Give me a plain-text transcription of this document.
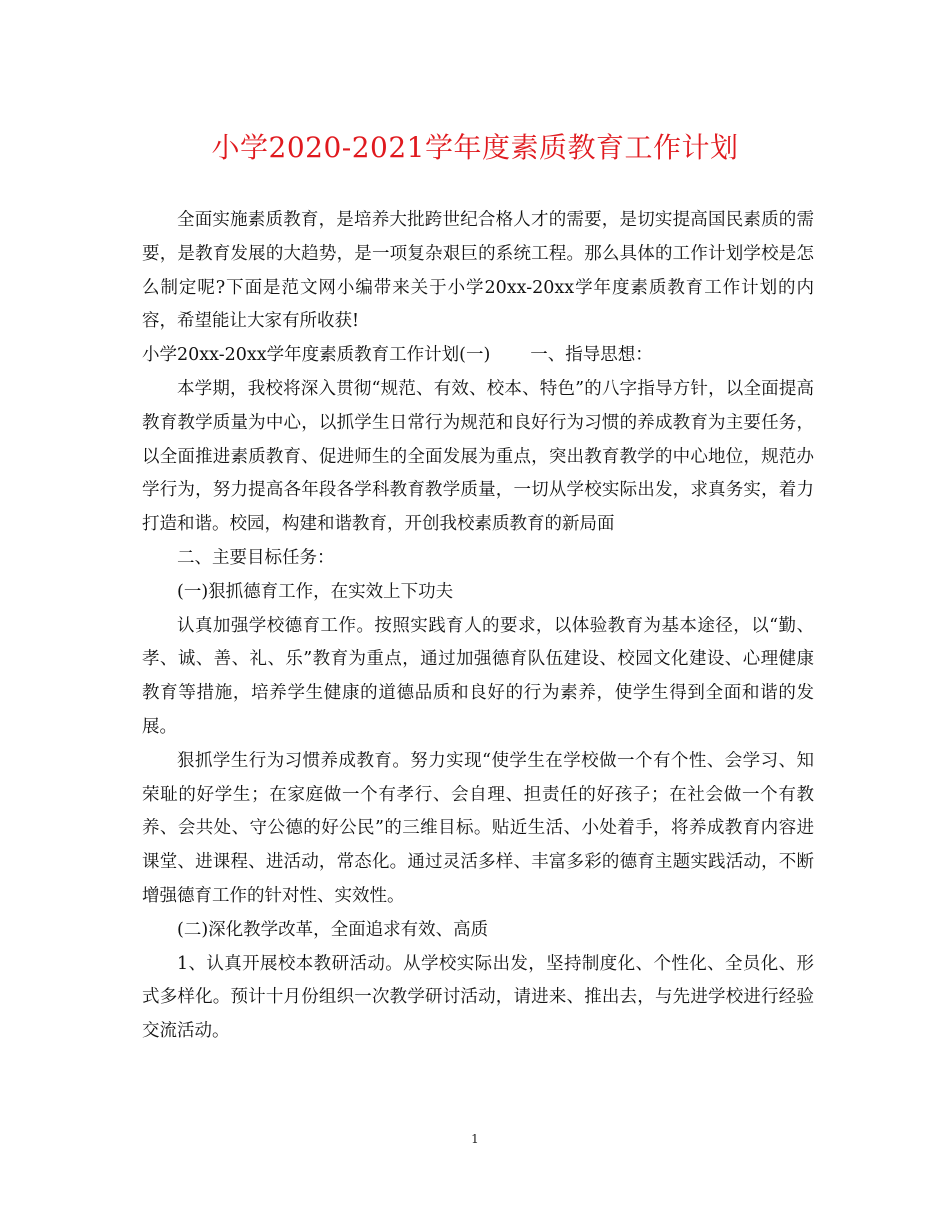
小学2020-2021学年度素质教育工作计划

全面实施素质教育，是培养大批跨世纪合格人才的需要，是切实提高国民素质的需要，是教育发展的大趋势，是一项复杂艰巨的系统工程。那么具体的工作计划学校是怎么制定呢?下面是范文网小编带来关于小学20xx-20xx学年度素质教育工作计划的内容，希望能让大家有所收获!

小学20xx-20xx学年度素质教育工作计划(一) 一、指导思想：

本学期，我校将深入贯彻“规范、有效、校本、特色”的八字指导方针，以全面提高教育教学质量为中心，以抓学生日常行为规范和良好行为习惯的养成教育为主要任务，以全面推进素质教育、促进师生的全面发展为重点，突出教育教学的中心地位，规范办学行为，努力提高各年段各学科教育教学质量，一切从学校实际出发，求真务实，着力打造和谐。校园，构建和谐教育，开创我校素质教育的新局面

二、主要目标任务：

(一)狠抓德育工作，在实效上下功夫

认真加强学校德育工作。按照实践育人的要求，以体验教育为基本途径，以“勤、孝、诚、善、礼、乐”教育为重点，通过加强德育队伍建设、校园文化建设、心理健康教育等措施，培养学生健康的道德品质和良好的行为素养，使学生得到全面和谐的发展。

狠抓学生行为习惯养成教育。努力实现“使学生在学校做一个有个性、会学习、知荣耻的好学生；在家庭做一个有孝行、会自理、担责任的好孩子；在社会做一个有教养、会共处、守公德的好公民”的三维目标。贴近生活、小处着手，将养成教育内容进课堂、进课程、进活动，常态化。通过灵活多样、丰富多彩的德育主题实践活动，不断增强德育工作的针对性、实效性。

(二)深化教学改革，全面追求有效、高质

1、认真开展校本教研活动。从学校实际出发，坚持制度化、个性化、全员化、形式多样化。预计十月份组织一次教学研讨活动，请进来、推出去，与先进学校进行经验交流活动。

1
